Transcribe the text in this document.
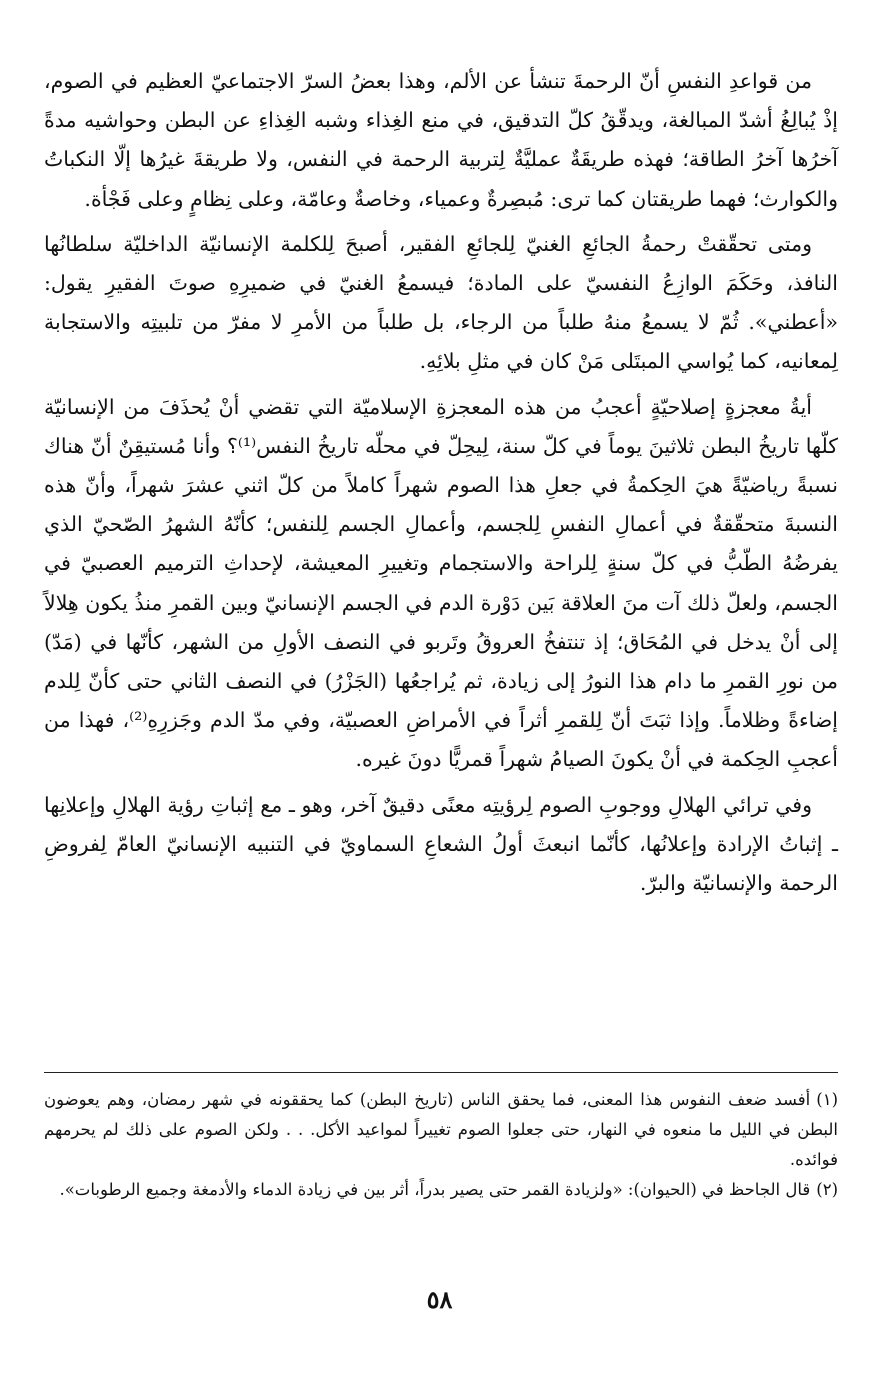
من قواعدِ النفسِ أنّ الرحمةَ تنشأ عن الألم، وهذا بعضُ السرّ الاجتماعيّ العظيم في الصوم، إذْ يُبالِغُ أشدّ المبالغة، ويدقّقُ كلّ التدقيق، في منع الغِذاء وشبه الغِذاءِ عن البطن وحواشيه مدةً آخرُها آخرُ الطاقة؛ فهذه طريقَةٌ عمليَّةٌ لِتربية الرحمة في النفس، ولا طريقةَ غيرُها إلّا النكباتُ والكوارث؛ فهما طريقتان كما ترى: مُبصِرةٌ وعمياء، وخاصةٌ وعامّة، وعلى نِظامٍ وعلى فَجْأة.

ومتى تحقّقتْ رحمةُ الجائعِ الغنيّ لِلجائعِ الفقير، أصبحَ لِلكلمة الإنسانيّة الداخليّة سلطانُها النافذ، وحَكَمَ الوازِعُ النفسيّ على المادة؛ فيسمعُ الغنيّ في ضميرِهِ صوتَ الفقيرِ يقول: «أعطني». ثُمّ لا يسمعُ منهُ طلباً من الرجاء، بل طلباً من الأمرِ لا مفرّ من تلبيتِه والاستجابة لِمعانيه، كما يُواسي المبتَلى مَنْ كان في مثلِ بلائِهِ.

أيةُ معجزةٍ إصلاحيّةٍ أعجبُ من هذه المعجزةِ الإسلاميّة التي تقضي أنْ يُحذَفَ من الإنسانيّة كلّها تاريخُ البطن ثلاثينَ يوماً في كلّ سنة، لِيحِلّ في محلّه تاريخُ النفس⁽¹⁾؟ وأنا مُستيقِنٌ أنّ هناك نسبةً رياضيّةً هيَ الحِكمةُ في جعلِ هذا الصوم شهراً كاملاً من كلّ اثني عشرَ شهراً، وأنّ هذه النسبةَ متحقّقةٌ في أعمالِ النفسِ لِلجسم، وأعمالِ الجسم لِلنفس؛ كأنّهُ الشهرُ الصّحيّ الذي يفرضُهُ الطّبُّ في كلّ سنةٍ لِلراحة والاستجمام وتغييرِ المعيشة، لإحداثِ الترميم العصبيّ في الجسم، ولعلّ ذلك آت منَ العلاقة بَين دَوْرة الدم في الجسم الإنسانيّ وبين القمرِ منذُ يكون هِلالاً إلى أنْ يدخل في المُحَاق؛ إذ تنتفخُ العروقُ وتَربو في النصف الأولِ من الشهر، كأنّها في (مَدّ) من نورِ القمرِ ما دام هذا النورُ إلى زيادة، ثم يُراجعُها (الجَزْرُ) في النصف الثاني حتى كأنّ لِلدم إضاءةً وظلاماً. وإذا ثبَتَ أنّ لِلقمرِ أثراً في الأمراضِ العصبيّة، وفي مدّ الدم وجَزرِهِ⁽²⁾، فهذا من أعجبِ الحِكمة في أنْ يكونَ الصيامُ شهراً قمريًّا دونَ غيره.

وفي ترائي الهلالِ ووجوبِ الصوم لِرؤيتِه معنًى دقيقٌ آخر، وهو ـ مع إثباتِ رؤية الهلالِ وإعلانِها ـ إثباتُ الإرادة وإعلانُها، كأنّما انبعثَ أولُ الشعاعِ السماويّ في التنبيه الإنسانيّ العامّ لِفروضِ الرحمة والإنسانيّة والبرّ.

(١)أفسد ضعف النفوس هذا المعنى، فما يحقق الناس (تاريخ البطن) كما يحققونه في شهر رمضان، وهم يعوضون البطن في الليل ما منعوه في النهار، حتى جعلوا الصوم تغييراً لمواعيد الأكل. . . ولكن الصوم على ذلك لم يحرمهم فوائده.

(٢)قال الجاحظ في (الحيوان): «ولزيادة القمر حتى يصير بدراً، أثر بين في زيادة الدماء والأدمغة وجميع الرطوبات».

٥٨
